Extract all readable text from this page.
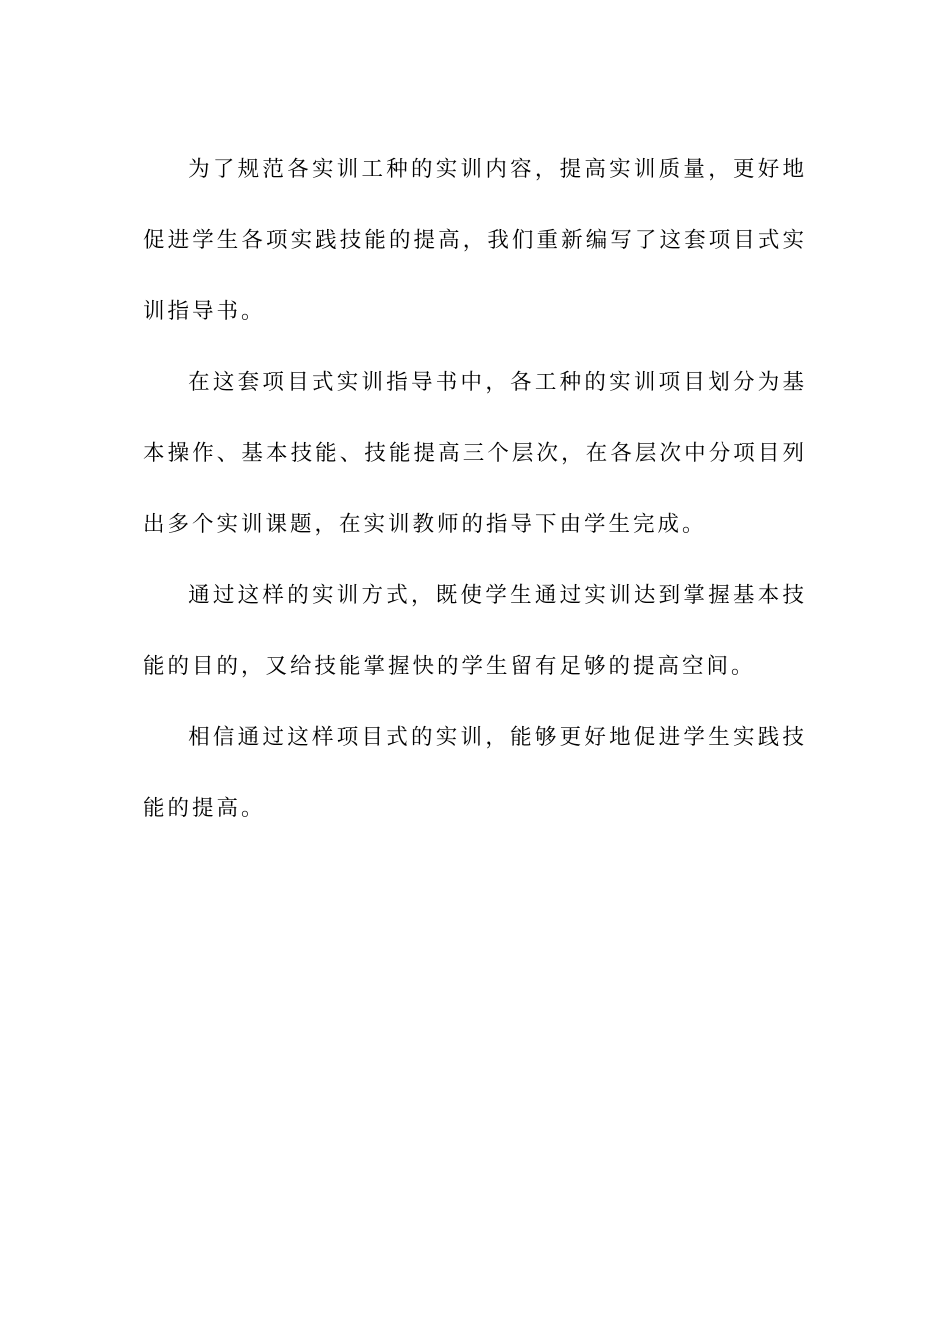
为了规范各实训工种的实训内容，提高实训质量，更好地促进学生各项实践技能的提高，我们重新编写了这套项目式实训指导书。

在这套项目式实训指导书中，各工种的实训项目划分为基本操作、基本技能、技能提高三个层次，在各层次中分项目列出多个实训课题，在实训教师的指导下由学生完成。

通过这样的实训方式，既使学生通过实训达到掌握基本技能的目的，又给技能掌握快的学生留有足够的提高空间。

相信通过这样项目式的实训，能够更好地促进学生实践技能的提高。
